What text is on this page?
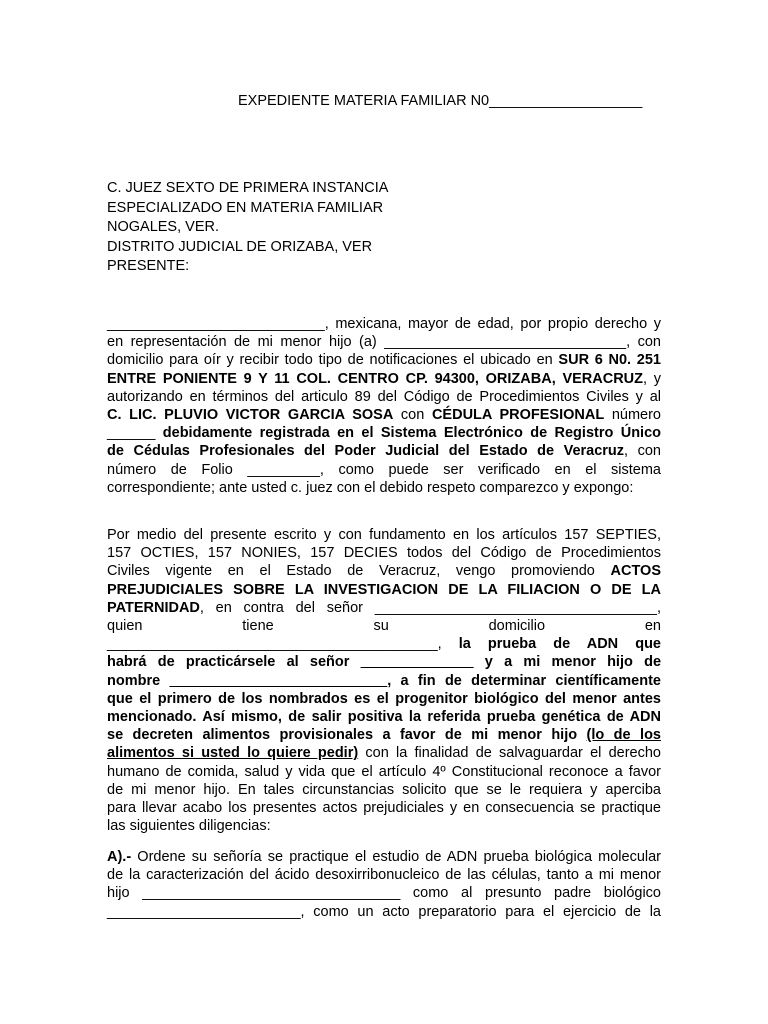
EXPEDIENTE MATERIA FAMILIAR N0___________________
C. JUEZ SEXTO DE PRIMERA INSTANCIA
ESPECIALIZADO EN MATERIA FAMILIAR
NOGALES, VER.
DISTRITO JUDICIAL DE ORIZABA, VER
PRESENTE:
___________________________, mexicana, mayor de edad, por propio derecho y
en representación de mi menor hijo (a) ______________________________, con
domicilio para oír y recibir todo tipo de notificaciones el ubicado en SUR 6 N0. 251
ENTRE PONIENTE 9 Y 11 COL. CENTRO CP. 94300, ORIZABA, VERACRUZ, y
autorizando en términos del articulo 89 del Código de Procedimientos Civiles y al
C. LIC. PLUVIO VICTOR GARCIA SOSA con CÉDULA PROFESIONAL número
______ debidamente registrada en el Sistema Electrónico de Registro Único
de Cédulas Profesionales del Poder Judicial del Estado de Veracruz, con
número de Folio _________, como puede ser verificado en el sistema
correspondiente; ante usted c. juez con el debido respeto comparezco y expongo:
Por medio del presente escrito y con fundamento en los artículos 157 SEPTIES,
157 OCTIES, 157 NONIES, 157 DECIES todos del Código de Procedimientos
Civiles vigente en el Estado de Veracruz, vengo promoviendo ACTOS
PREJUDICIALES SOBRE LA INVESTIGACION DE LA FILIACION O DE LA
PATERNIDAD, en contra del señor ___________________________________,
quien	tiene	su	domicilio	en
_________________________________________, la prueba de ADN que
habrá de practicársele al señor ______________ y a mi menor hijo de
nombre ___________________________, a fin de determinar científicamente
que el primero de los nombrados es el progenitor biológico del menor antes
mencionado. Así mismo, de salir positiva la referida prueba genética de ADN
se decreten alimentos provisionales a favor de mi menor hijo (lo de los
alimentos si usted lo quiere pedir) con la finalidad de salvaguardar el derecho
humano de comida, salud y vida que el artículo 4º Constitucional reconoce a favor
de mi menor hijo. En tales circunstancias solicito que se le requiera y aperciba
para llevar acabo los presentes actos prejudiciales y en consecuencia se practique
las siguientes diligencias:
A).- Ordene su señoría se practique el estudio de ADN prueba biológica molecular
de la caracterización del ácido desoxirribonucleico de las células, tanto a mi menor
hijo ________________________________ como al presunto padre biológico
________________________, como un acto preparatorio para el ejercicio de la
